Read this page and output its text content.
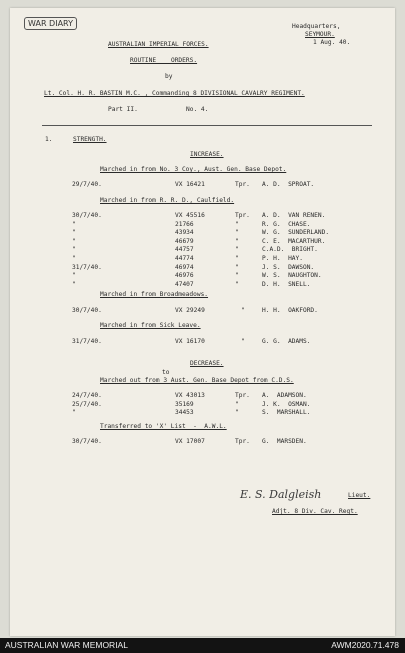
WAR DIARY	Headquarters,
SEYMOUR.
1 Aug. 40.
AUSTRALIAN IMPERIAL FORCES.
ROUTINE    ORDERS.
by
Lt. Col. H. R. BASTIN M.C. , Commanding 8 DIVISIONAL CAVALRY REGIMENT.
Part II.	No. 4.
1.	STRENGTH.
INCREASE.
Marched in from No. 3 Coy., Aust. Gen. Base Depot.
29/7/40.	VX 16421	Tpr. A. D.  SPROAT.
Marched in from R. R. D., Caulfield.
30/7/40.	VX 45516	Tpr. A. D.  VAN RENEN.
"	21766	"	R. G.  CHASE.
"	43934	"	W. G.  SUNDERLAND.
"	46679	"	C. E.  MACARTHUR.
"	44757	"	C.A.D.  BRIGHT.
"	44774	"	P. H.  HAY.
31/7/40.	46974	"	J. S.  DAWSON.
"	46976	"	W. S.  NAUGHTON.
"	47407	"	D. H.  SNELL.
Marched in from Broadmeadows.
30/7/40.	VX 29249	"	H. H.  OAKFORD.
Marched in from Sick Leave.
31/7/40.	VX 16170	"	G. G.  ADAMS.
DECREASE.
to
Marched out from 3 Aust. Gen. Base Depot from C.D.S.
24/7/40.	VX 43013	Tpr. A.  ADAMSON.
25/7/40.	35169	"	J. K.  OSMAN.
"	34453	"	S.  MARSHALL.
Transferred to 'X' List  -  A.W.L.
30/7/40.	VX 17007	Tpr. G.  MARSDEN.
E. S. Dalgleish	Lieut.
Adjt. 8 Div. Cav. Regt.
AUSTRALIAN WAR MEMORIAL	AWM2020.71.478
